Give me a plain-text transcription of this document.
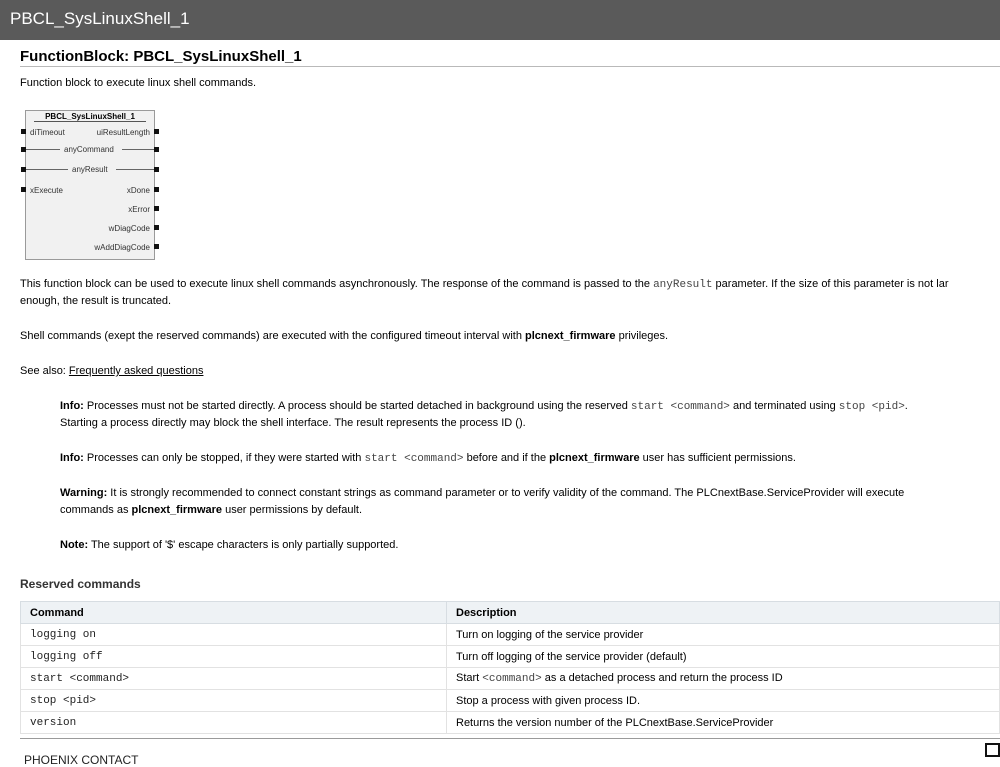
PBCL_SysLinuxShell_1
FunctionBlock: PBCL_SysLinuxShell_1
Function block to execute linux shell commands.
PBCL_SysLinuxShell_1
diTimeout	uiResultLength
anyCommand
anyResult
xExecute	xDone
xError
wDiagCode
wAddDiagCode
This function block can be used to execute linux shell commands asynchronously. The response of the command is passed to the anyResult parameter. If the size of this parameter is not lar
enough, the result is truncated.
Shell commands (exept the reserved commands) are executed with the configured timeout interval with plcnext_firmware privileges.
See also: Frequently asked questions
Info: Processes must not be started directly. A process should be started detached in background using the reserved start <command> and terminated using stop <pid>.
Starting a process directly may block the shell interface. The result represents the process ID ().
Info: Processes can only be stopped, if they were started with start <command> before and if the plcnext_firmware user has sufficient permissions.
Warning: It is strongly recommended to connect constant strings as command parameter or to verify validity of the command. The PLCnextBase.ServiceProvider will execute
commands as plcnext_firmware user permissions by default.
Note: The support of '$' escape characters is only partially supported.
Reserved commands
Command	Description
logging on	Turn on logging of the service provider
logging off	Turn off logging of the service provider (default)
start <command>	Start <command> as a detached process and return the process ID
stop <pid>	Stop a process with given process ID.
version	Returns the version number of the PLCnextBase.ServiceProvider
PHOENIX CONTACT
